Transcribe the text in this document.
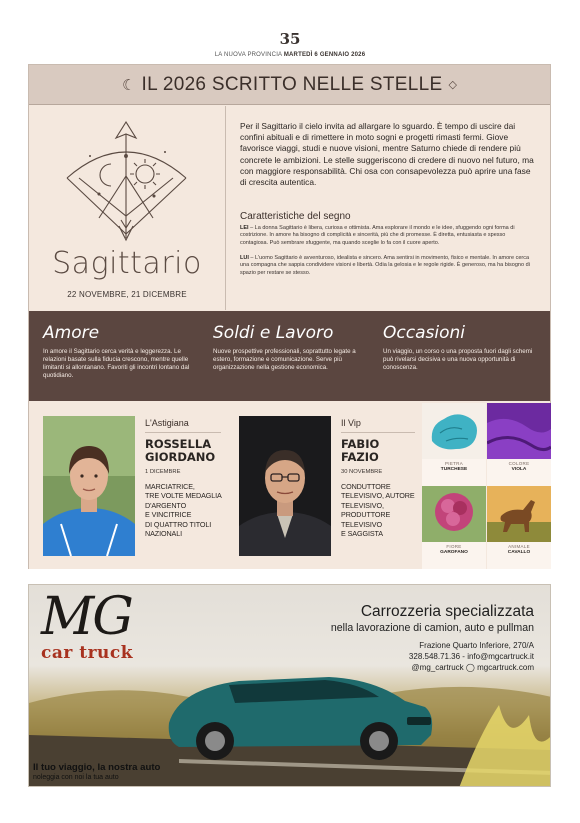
35
LA NUOVA PROVINCIA MARTEDÌ 6 GENNAIO 2026
☾ IL 2026 SCRITTO NELLE STELLE ◇
Sagittario
22 NOVEMBRE, 21 DICEMBRE
Per il Sagittario il cielo invita ad allargare lo sguardo. È tempo di uscire dai confini abituali e di rimettere in moto sogni e progetti rimasti fermi. Giove favorisce viaggi, studi e nuove visioni, mentre Saturno chiede di rendere più concrete le ambizioni. Le stelle suggeriscono di credere di nuovo nel futuro, ma con maggiore responsabilità. Chi osa con consapevolezza può aprire una fase di crescita autentica.
Caratteristiche del segno
LEI – La donna Sagittario è libera, curiosa e ottimista. Ama esplorare il mondo e le idee, sfuggendo ogni forma di costrizione. In amore ha bisogno di complicità e sincerità, più che di promesse. È diretta, entusiasta e spesso contagiosa. Può sembrare sfuggente, ma quando sceglie lo fa con il cuore aperto.
LUI – L'uomo Sagittario è avventuroso, idealista e sincero. Ama sentirsi in movimento, fisico e mentale. In amore cerca una compagna che sappia condividere visioni e libertà. Odia la gelosia e le regole rigide. È generoso, ma ha bisogno di spazio per restare se stesso.
Amore
In amore il Sagittario cerca verità e leggerezza. Le relazioni basate sulla fiducia crescono, mentre quelle limitanti si allontanano. Favoriti gli incontri lontano dal quotidiano.
Soldi e Lavoro
Nuove prospettive professionali, soprattutto legate a estero, formazione e comunicazione. Serve più organizzazione nella gestione economica.
Occasioni
Un viaggio, un corso o una proposta fuori dagli schemi può rivelarsi decisiva e una nuova opportunità di conoscenza.
L'Astigiana
ROSSELLA
GIORDANO
1 DICEMBRE
MARCIATRICE,
TRE VOLTE MEDAGLIA
D'ARGENTO
E VINCITRICE
DI QUATTRO TITOLI
NAZIONALI
Il Vip
FABIO
FAZIO
30 NOVEMBRE
CONDUTTORE
TELEVISIVO, AUTORE
TELEVISIVO,
PRODUTTORE
TELEVISIVO
E SAGGISTA
PIETRA
TURCHESE
COLORE
VIOLA
FIORE
GAROFANO
ANIMALE
CAVALLO
MG
car truck
Carrozzeria specializzata
nella lavorazione di camion, auto e pullman
Frazione Quarto Inferiore, 270/A
328.548.71.36 - info@mgcartruck.it
@mg_cartruck ◯ mgcartruck.com
Il tuo viaggio, la nostra auto
noleggia con noi la tua auto
